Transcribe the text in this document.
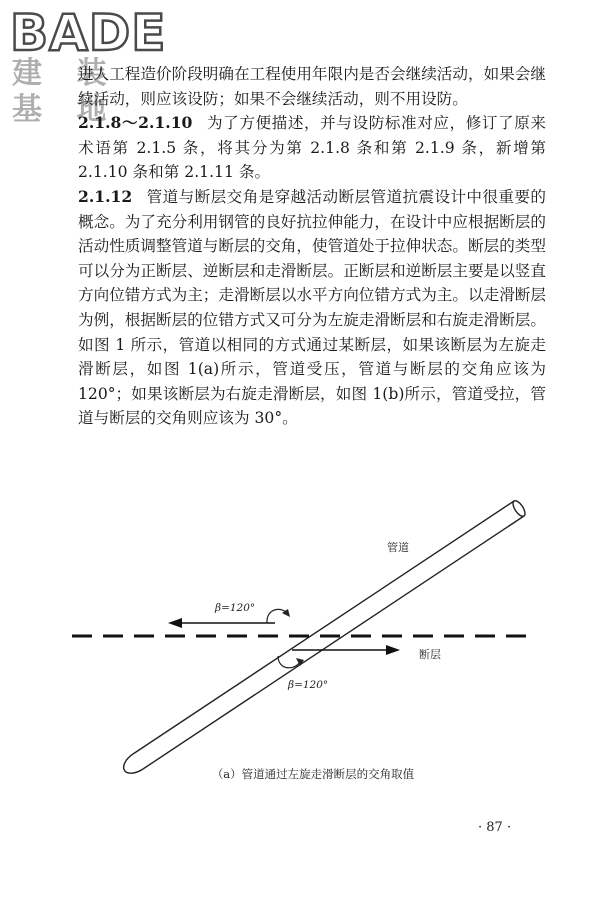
BADE
建 装 基 地

进人工程造价阶段明确在工程使用年限内是否会继续活动，如果会继续活动，则应该设防；如果不会继续活动，则不用设防。

2.1.8～2.1.10 为了方便描述，并与设防标准对应，修订了原来术语第 2.1.5 条，将其分为第 2.1.8 条和第 2.1.9 条，新增第 2.1.10 条和第 2.1.11 条。

2.1.12 管道与断层交角是穿越活动断层管道抗震设计中很重要的概念。为了充分利用钢管的良好抗拉伸能力，在设计中应根据断层的活动性质调整管道与断层的交角，使管道处于拉伸状态。断层的类型可以分为正断层、逆断层和走滑断层。正断层和逆断层主要是以竖直方向位错方式为主；走滑断层以水平方向位错方式为主。以走滑断层为例，根据断层的位错方式又可分为左旋走滑断层和右旋走滑断层。如图 1 所示，管道以相同的方式通过某断层，如果该断层为左旋走滑断层，如图 1(a)所示，管道受压，管道与断层的交角应该为 120°；如果该断层为右旋走滑断层，如图 1(b)所示，管道受拉，管道与断层的交角则应该为 30°。

管道
断层
β=120°
β=120°
（a）管道通过左旋走滑断层的交角取值
· 87 ·
